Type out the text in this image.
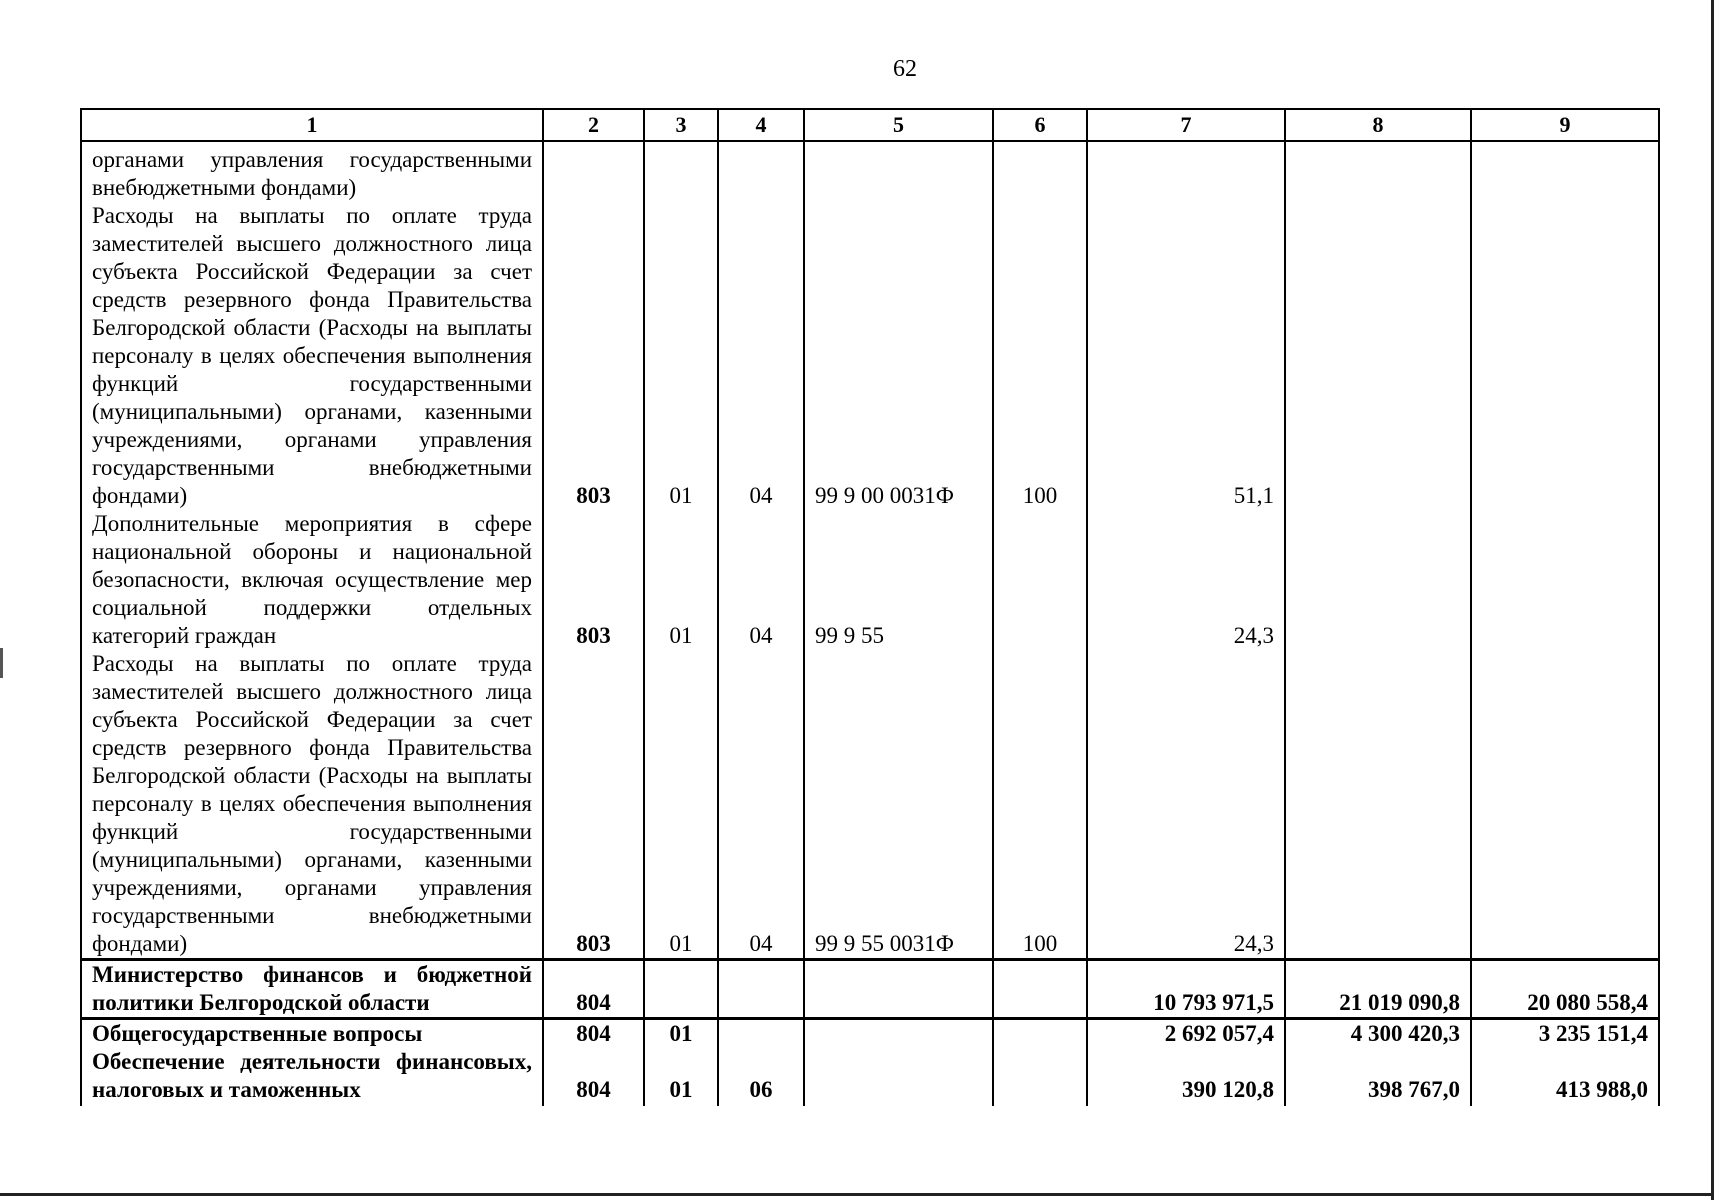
62
1	2	3	4	5	6	7	8	9
органами управления государственными внебюджетными фондами)								
Расходы на выплаты по оплате труда заместителей высшего должностного лица субъекта Российской Федерации за счет средств резервного фонда Правительства Белгородской области (Расходы на выплаты персоналу в целях обеспечения выполнения функций государственными (муниципальными) органами, казенными учреждениями, органами управления государственными внебюджетными фондами)	803	01	04	99 9 00 0031Ф	100	51,1		
Дополнительные мероприятия в сфере национальной обороны и национальной безопасности, включая осуществление мер социальной поддержки отдельных категорий граждан	803	01	04	99 9 55		24,3		
Расходы на выплаты по оплате труда заместителей высшего должностного лица субъекта Российской Федерации за счет средств резервного фонда Правительства Белгородской области (Расходы на выплаты персоналу в целях обеспечения выполнения функций государственными (муниципальными) органами, казенными учреждениями, органами управления государственными внебюджетными фондами)	803	01	04	99 9 55 0031Ф	100	24,3		
Министерство финансов и бюджетной политики Белгородской области	804					10 793 971,5	21 019 090,8	20 080 558,4
Общегосударственные вопросы	804	01				2 692 057,4	4 300 420,3	3 235 151,4
Обеспечение деятельности финансовых, налоговых и таможенных	804	01	06			390 120,8	398 767,0	413 988,0
